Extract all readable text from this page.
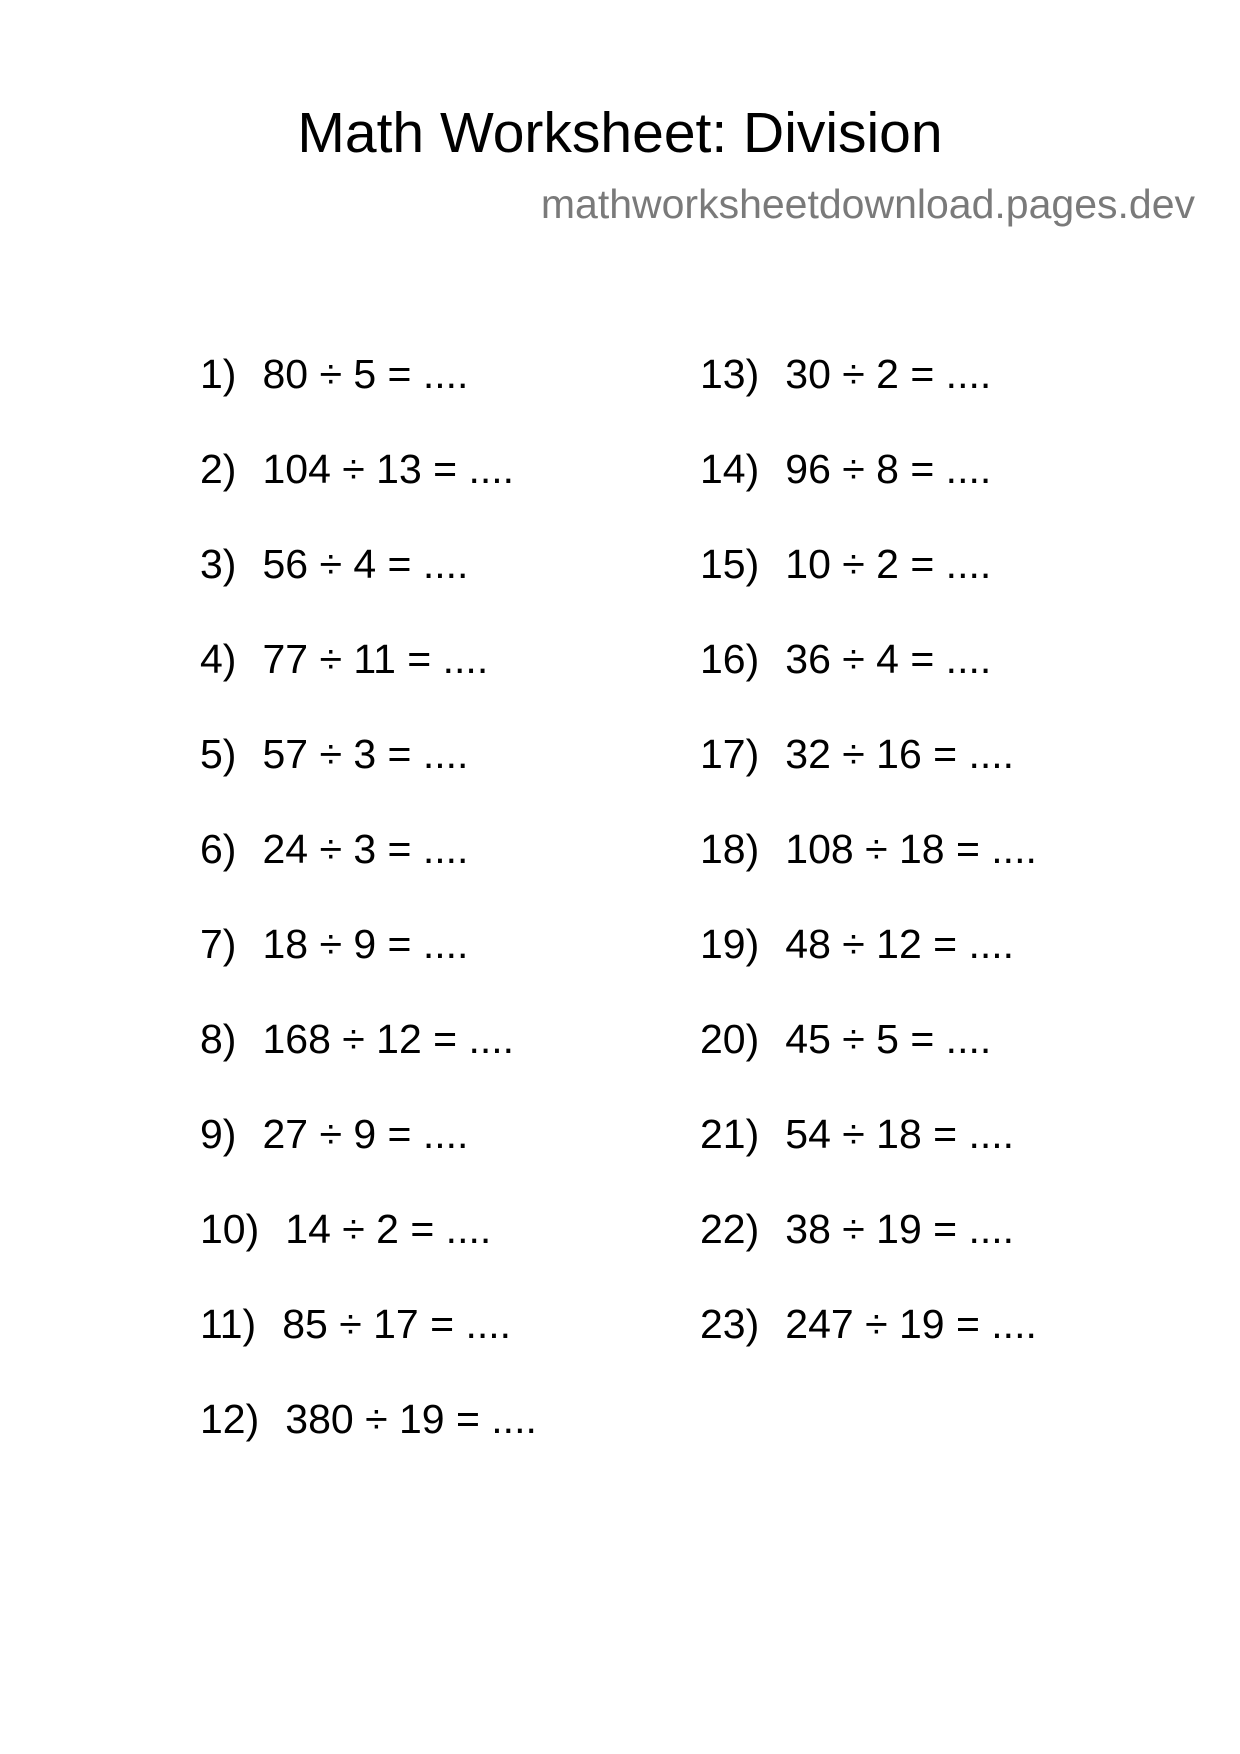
Math Worksheet: Division
mathworksheetdownload.pages.dev
1) 80 ÷ 5 = ....
2) 104 ÷ 13 = ....
3) 56 ÷ 4 = ....
4) 77 ÷ 11 = ....
5) 57 ÷ 3 = ....
6) 24 ÷ 3 = ....
7) 18 ÷ 9 = ....
8) 168 ÷ 12 = ....
9) 27 ÷ 9 = ....
10) 14 ÷ 2 = ....
11) 85 ÷ 17 = ....
12) 380 ÷ 19 = ....
13) 30 ÷ 2 = ....
14) 96 ÷ 8 = ....
15) 10 ÷ 2 = ....
16) 36 ÷ 4 = ....
17) 32 ÷ 16 = ....
18) 108 ÷ 18 = ....
19) 48 ÷ 12 = ....
20) 45 ÷ 5 = ....
21) 54 ÷ 18 = ....
22) 38 ÷ 19 = ....
23) 247 ÷ 19 = ....
